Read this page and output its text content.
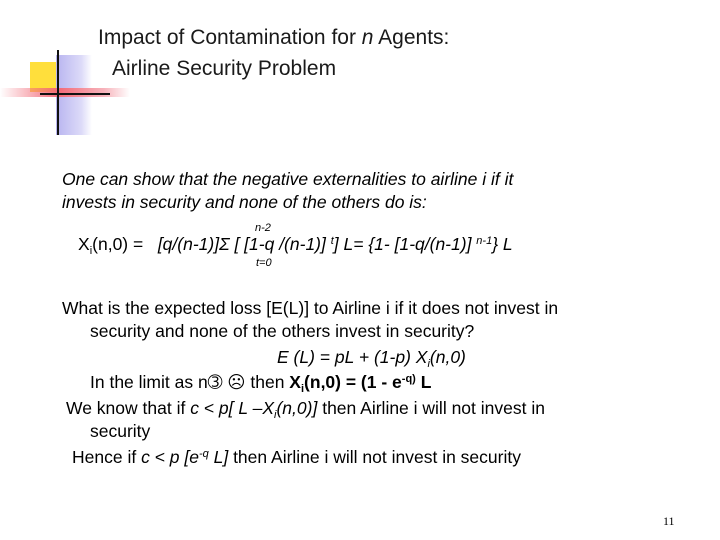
Impact of Contamination for n Agents:
Airline Security Problem
One can show that the negative externalities to airline i if it
invests in security and none of the others do is:
$X_i(n,0) = [q/(n-1)]\Sigma$ [ [1-q /(n-1)] $^t$] L= {1- [1-q/(n-1)] $^{n-1}$} L
n-2
t=0
What is the expected loss [E(L)] to Airline i if it does not invest in
security and none of the others invest in security?
E (L) = pL + (1-p) $X_i(n,0)$
In the limit as n➂ ☹ then $X_i(n,0) = (1 - e^{-q)}$ L
We know that if c < p[ L $-X_i(n,0)$] then Airline i will not invest in
security
Hence if c < p [$e^{-q}$ L] then Airline i will not invest in security
11
